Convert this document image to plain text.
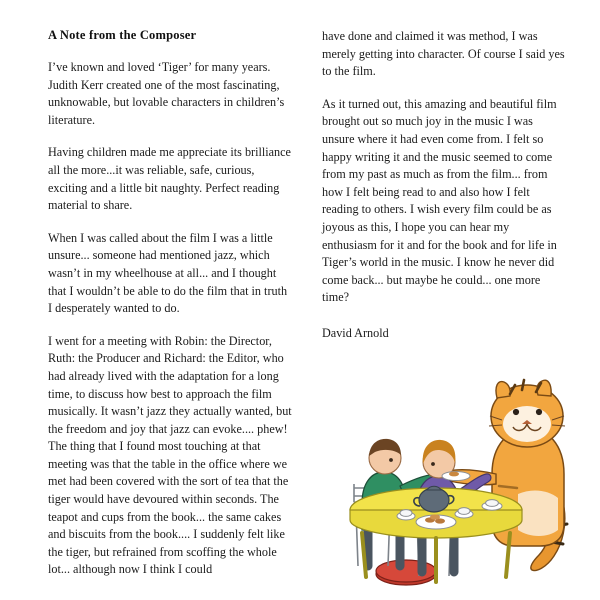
A Note from the Composer

I’ve known and loved ‘Tiger’ for many years. Judith Kerr created one of the most fascinating, unknowable, but lovable characters in children’s literature.

Having children made me appreciate its brilliance all the more...it was reliable, safe, curious, exciting and a little bit naughty. Perfect reading material to share.

When I was called about the film I was a little unsure... someone had mentioned jazz, which wasn’t in my wheelhouse at all... and I thought that I wouldn’t be able to do the film that in truth I desperately wanted to do.

I went for a meeting with Robin: the Director, Ruth: the Producer and Richard: the Editor, who had already lived with the adaptation for a long time, to discuss how best to approach the film musically. It wasn’t jazz they actually wanted, but the freedom and joy that jazz can evoke.... phew! The thing that I found most touching at that meeting was that the table in the office where we met had been covered with the sort of tea that the tiger would have devoured within seconds. The teapot and cups from the book... the same cakes and biscuits from the book.... I suddenly felt like the tiger, but refrained from scoffing the whole lot... although now I think I could

have done and claimed it was method, I was merely getting into character. Of course I said yes to the film.

As it turned out, this amazing and beautiful film brought out so much joy in the music I was unsure where it had even come from. I felt so happy writing it and the music seemed to come from my past as much as from the film... from how I felt being read to and also how I felt reading to others. I wish every film could be as joyous as this, I hope you can hear my enthusiasm for it and for the book and for life in Tiger’s world in the music. I know he never did come back... but maybe he could... one more time?

David Arnold
